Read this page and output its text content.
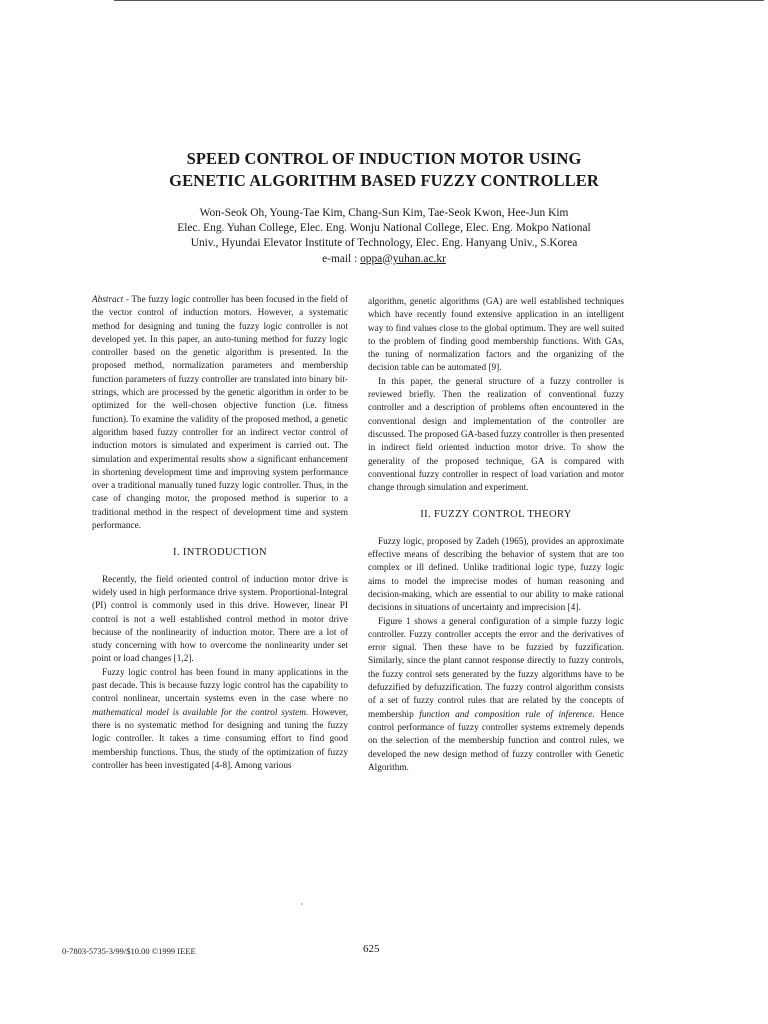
SPEED CONTROL OF INDUCTION MOTOR USING
GENETIC ALGORITHM BASED FUZZY CONTROLLER
Won-Seok Oh, Young-Tae Kim, Chang-Sun Kim, Tae-Seok Kwon, Hee-Jun Kim
Elec. Eng. Yuhan College, Elec. Eng. Wonju National College, Elec. Eng. Mokpo National
Univ., Hyundai Elevator Institute of Technology, Elec. Eng. Hanyang Univ., S.Korea
e-mail : oppa@yuhan.ac.kr

Abstract - The fuzzy logic controller has been focused in the field of the vector control of induction motors. However, a systematic method for designing and tuning the fuzzy logic controller is not developed yet. In this paper, an auto-tuning method for fuzzy logic controller based on the genetic algorithm is presented. In the proposed method, normalization parameters and membership function parameters of fuzzy controller are translated into binary bit-strings, which are processed by the genetic algorithm in order to be optimized for the well-chosen objective function (i.e. fitness function). To examine the validity of the proposed method, a genetic algorithm based fuzzy controller for an indirect vector control of induction motors is simulated and experiment is carried out. The simulation and experimental results show a significant enhancement in shortening development time and improving system performance over a traditional manually tuned fuzzy logic controller. Thus, in the case of changing motor, the proposed method is superior to a traditional method in the respect of development time and system performance.

I. INTRODUCTION

Recently, the field oriented control of induction motor drive is widely used in high performance drive system. Proportional-Integral (PI) control is commonly used in this drive. However, linear PI control is not a well established control method in motor drive because of the nonlinearity of induction motor. There are a lot of study concerning with how to overcome the nonlinearity under set point or load changes [1,2].

Fuzzy logic control has been found in many applications in the past decade. This is because fuzzy logic control has the capability to control nonlinear, uncertain systems even in the case where no mathematical model is available for the control system. However, there is no systematic method for designing and tuning the fuzzy logic controller. It takes a time consuming effort to find good membership functions. Thus, the study of the optimization of fuzzy controller has been investigated [4-8]. Among various

algorithm, genetic algorithms (GA) are well established techniques which have recently found extensive application in an intelligent way to find values close to the global optimum. They are well suited to the problem of finding good membership functions. With GAs, the tuning of normalization factors and the organizing of the decision table can be automated [9].

In this paper, the general structure of a fuzzy controller is reviewed briefly. Then the realization of conventional fuzzy controller and a description of problems often encountered in the conventional design and implementation of the controller are discussed. The proposed GA-based fuzzy controller is then presented in indirect field oriented induction motor drive. To show the generality of the proposed technique, GA is compared with conventional fuzzy controller in respect of load variation and motor change through simulation and experiment.

II. FUZZY CONTROL THEORY

Fuzzy logic, proposed by Zadeh (1965), provides an approximate effective means of describing the behavior of system that are too complex or ill defined. Unlike traditional logic type, fuzzy logic aims to model the imprecise modes of human reasoning and decision-making, which are essential to our ability to make rational decisions in situations of uncertainty and imprecision [4].

Figure 1 shows a general configuration of a simple fuzzy logic controller. Fuzzy controller accepts the error and the derivatives of error signal. Then these have to be fuzzied by fuzzification. Similarly, since the plant cannot response directly to fuzzy controls, the fuzzy control sets generated by the fuzzy algorithms have to be defuzzified by defuzzification. The fuzzy control algorithm consists of a set of fuzzy control rules that are related by the concepts of membership function and composition rule of inference. Hence control performance of fuzzy controller systems extremely depends on the selection of the membership function and control rules, we developed the new design method of fuzzy controller with Genetic Algorithm.

0-7803-5735-3/99/$10.00 ©1999 IEEE	625
